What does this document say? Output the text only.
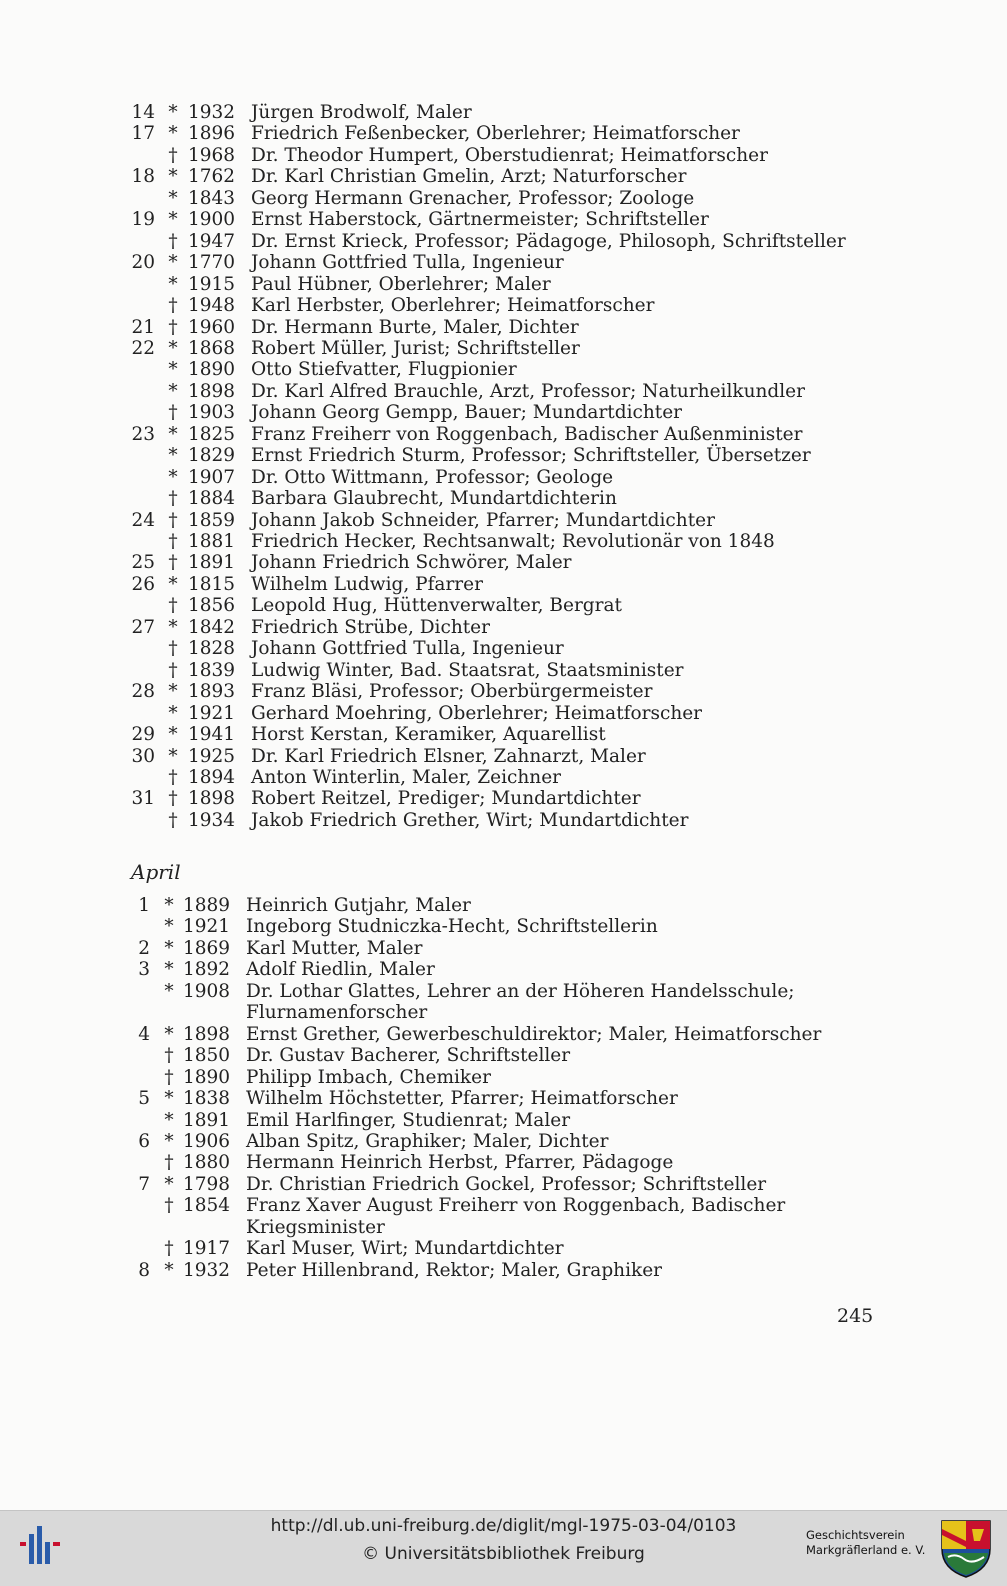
14 * 1932 Jürgen Brodwolf, Maler
17 * 1896 Friedrich Feßenbecker, Oberlehrer; Heimatforscher
† 1968 Dr. Theodor Humpert, Oberstudienrat; Heimatforscher
18 * 1762 Dr. Karl Christian Gmelin, Arzt; Naturforscher
* 1843 Georg Hermann Grenacher, Professor; Zoologe
19 * 1900 Ernst Haberstock, Gärtnermeister; Schriftsteller
† 1947 Dr. Ernst Krieck, Professor; Pädagoge, Philosoph, Schriftsteller
20 * 1770 Johann Gottfried Tulla, Ingenieur
* 1915 Paul Hübner, Oberlehrer; Maler
† 1948 Karl Herbster, Oberlehrer; Heimatforscher
21 † 1960 Dr. Hermann Burte, Maler, Dichter
22 * 1868 Robert Müller, Jurist; Schriftsteller
* 1890 Otto Stiefvatter, Flugpionier
* 1898 Dr. Karl Alfred Brauchle, Arzt, Professor; Naturheilkundler
† 1903 Johann Georg Gempp, Bauer; Mundartdichter
23 * 1825 Franz Freiherr von Roggenbach, Badischer Außenminister
* 1829 Ernst Friedrich Sturm, Professor; Schriftsteller, Übersetzer
* 1907 Dr. Otto Wittmann, Professor; Geologe
† 1884 Barbara Glaubrecht, Mundartdichterin
24 † 1859 Johann Jakob Schneider, Pfarrer; Mundartdichter
† 1881 Friedrich Hecker, Rechtsanwalt; Revolutionär von 1848
25 † 1891 Johann Friedrich Schwörer, Maler
26 * 1815 Wilhelm Ludwig, Pfarrer
† 1856 Leopold Hug, Hüttenverwalter, Bergrat
27 * 1842 Friedrich Strübe, Dichter
† 1828 Johann Gottfried Tulla, Ingenieur
† 1839 Ludwig Winter, Bad. Staatsrat, Staatsminister
28 * 1893 Franz Bläsi, Professor; Oberbürgermeister
* 1921 Gerhard Moehring, Oberlehrer; Heimatforscher
29 * 1941 Horst Kerstan, Keramiker, Aquarellist
30 * 1925 Dr. Karl Friedrich Elsner, Zahnarzt, Maler
† 1894 Anton Winterlin, Maler, Zeichner
31 † 1898 Robert Reitzel, Prediger; Mundartdichter
† 1934 Jakob Friedrich Grether, Wirt; Mundartdichter
April
1 * 1889 Heinrich Gutjahr, Maler
* 1921 Ingeborg Studniczka-Hecht, Schriftstellerin
2 * 1869 Karl Mutter, Maler
3 * 1892 Adolf Riedlin, Maler
* 1908 Dr. Lothar Glattes, Lehrer an der Höheren Handelsschule;
Flurnamenforscher
4 * 1898 Ernst Grether, Gewerbeschuldirektor; Maler, Heimatforscher
† 1850 Dr. Gustav Bacherer, Schriftsteller
† 1890 Philipp Imbach, Chemiker
5 * 1838 Wilhelm Höchstetter, Pfarrer; Heimatforscher
* 1891 Emil Harlfinger, Studienrat; Maler
6 * 1906 Alban Spitz, Graphiker; Maler, Dichter
† 1880 Hermann Heinrich Herbst, Pfarrer, Pädagoge
7 * 1798 Dr. Christian Friedrich Gockel, Professor; Schriftsteller
† 1854 Franz Xaver August Freiherr von Roggenbach, Badischer
Kriegsminister
† 1917 Karl Muser, Wirt; Mundartdichter
8 * 1932 Peter Hillenbrand, Rektor; Maler, Graphiker
245
http://dl.ub.uni-freiburg.de/diglit/mgl-1975-03-04/0103
© Universitätsbibliothek Freiburg
Geschichtsverein
Markgräflerland e. V.
